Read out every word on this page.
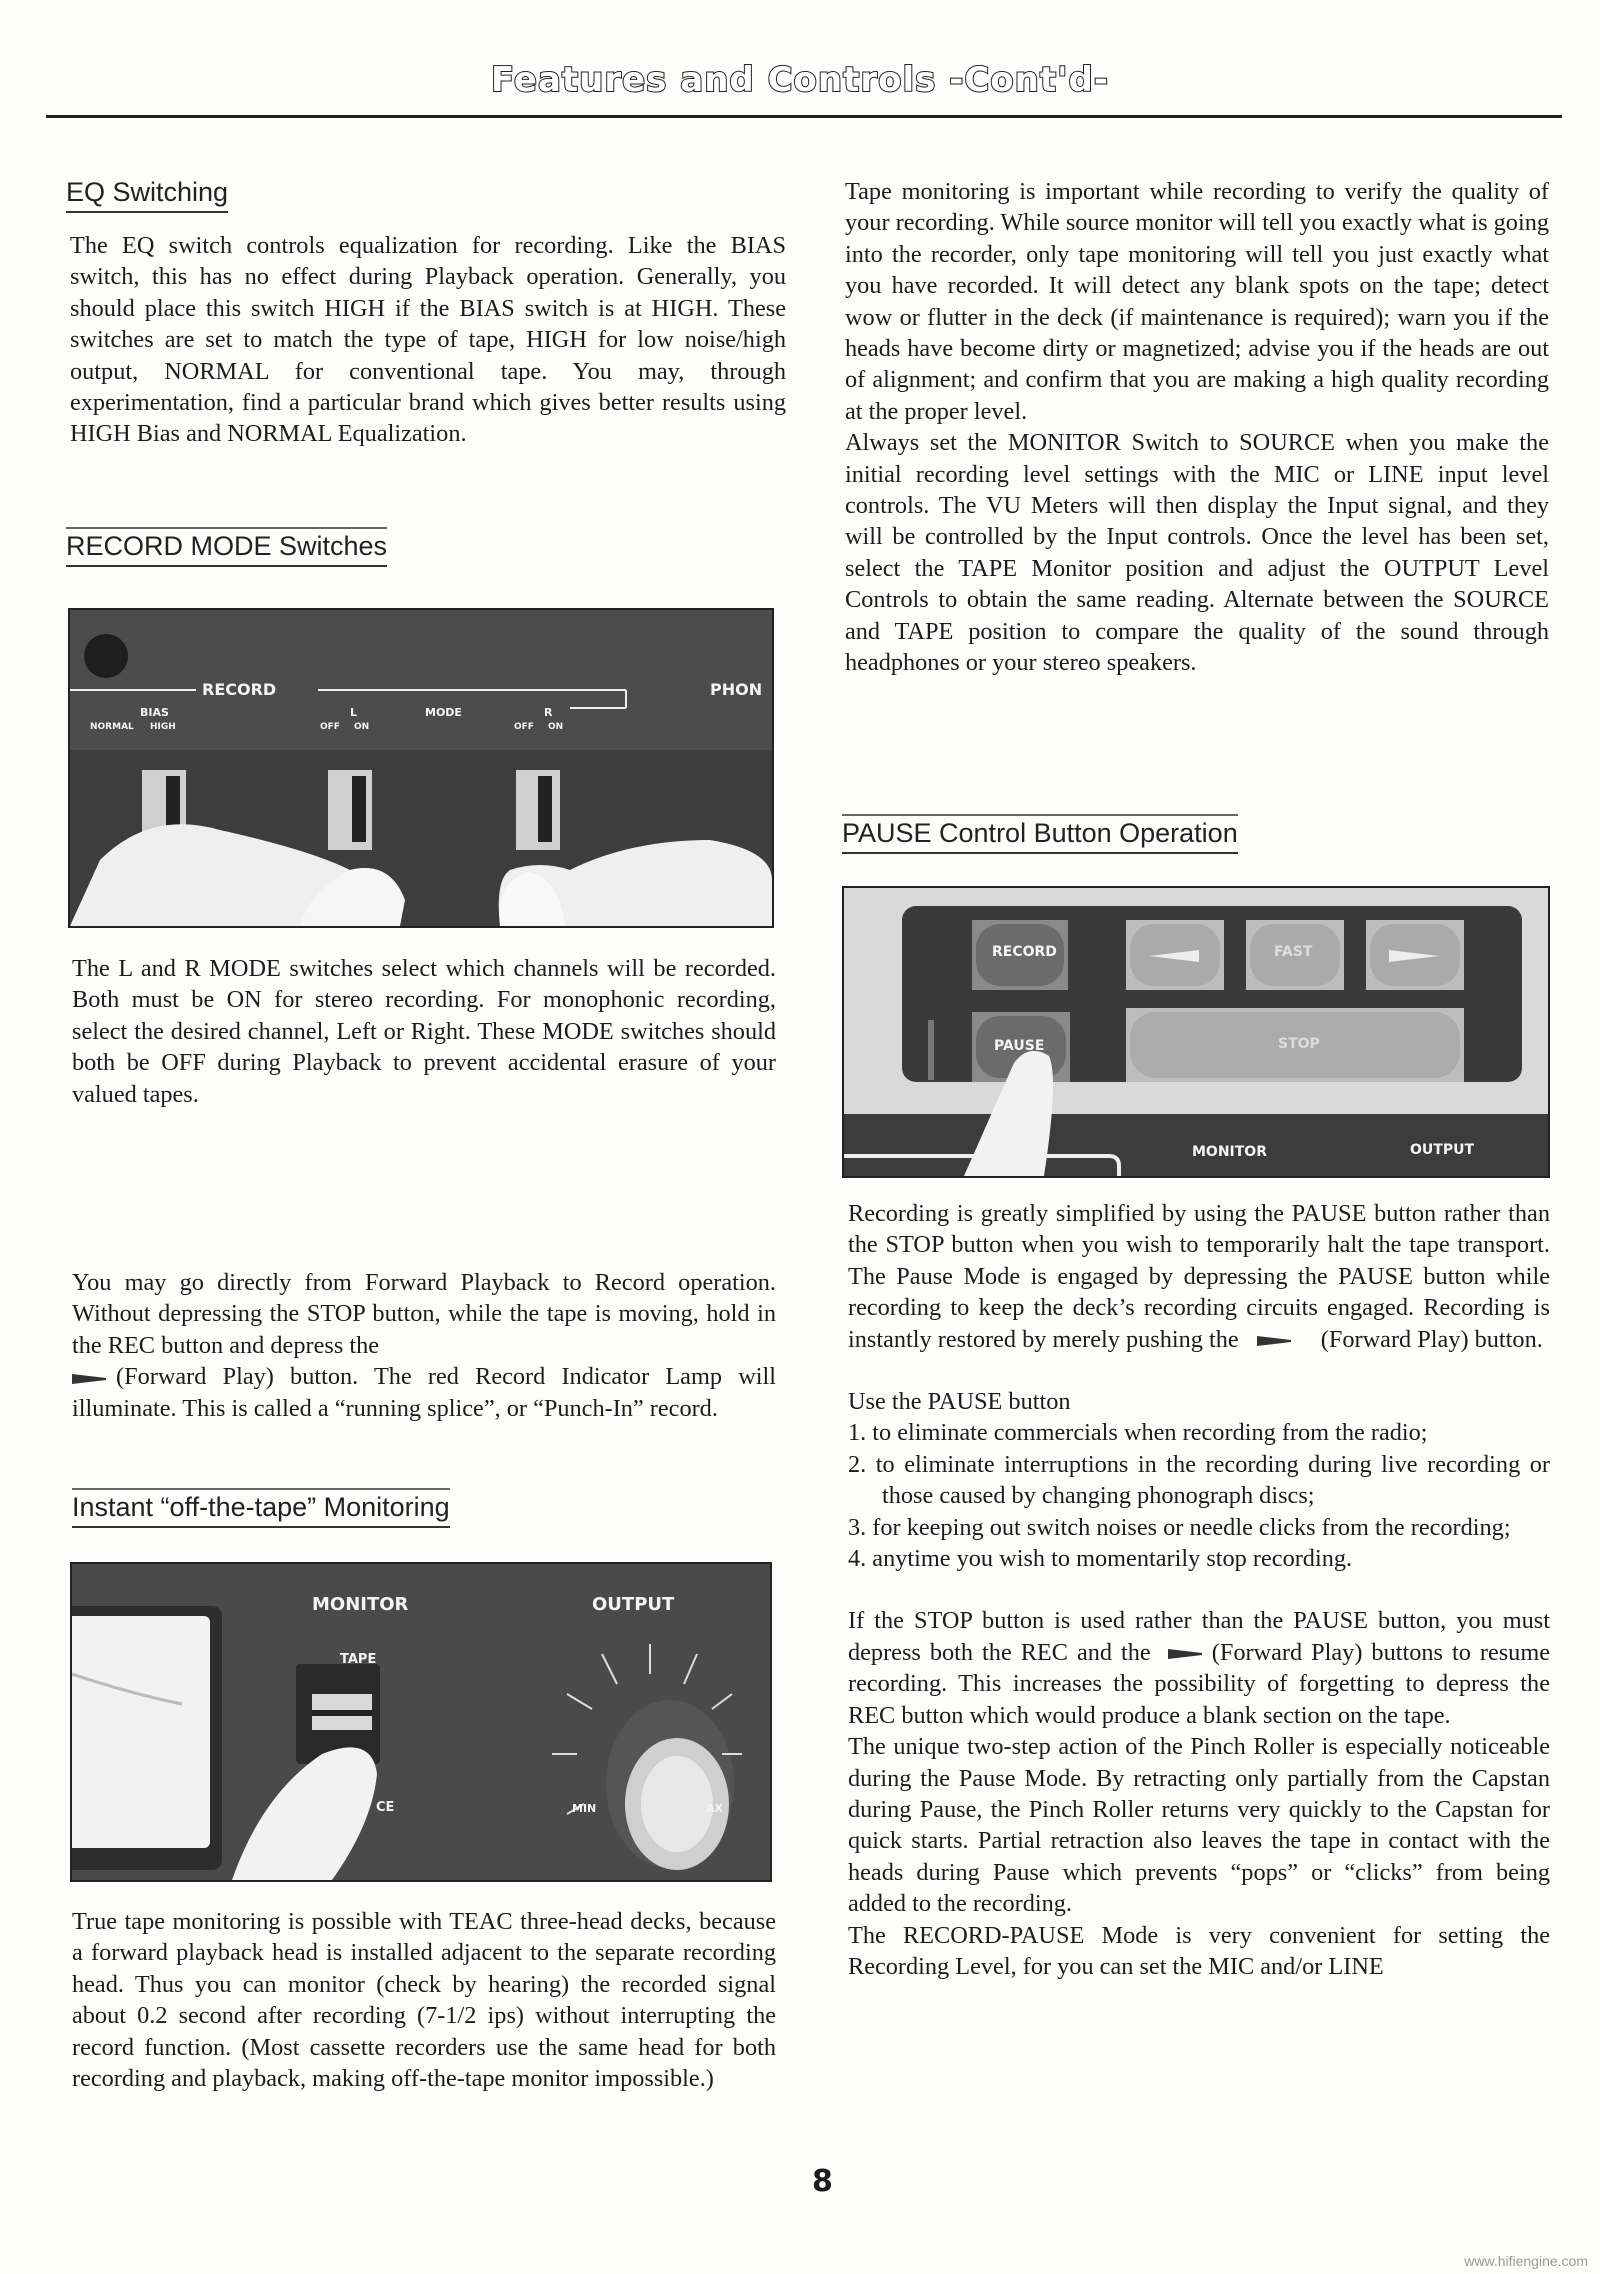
Features and Controls -Cont'd-
EQ Switching

The EQ switch controls equalization for recording. Like the BIAS switch, this has no effect during Playback operation. Generally, you should place this switch HIGH if the BIAS switch is at HIGH. These switches are set to match the type of tape, HIGH for low noise/high output, NORMAL for conventional tape. You may, through experimentation, find a particular brand which gives better results using HIGH Bias and NORMAL Equalization.

RECORD MODE Switches
RECORD
BIAS
NORMAL HIGH
L
OFF ON
MODE	R
OFF ON
PHON

The L and R MODE switches select which channels will be recorded. Both must be ON for stereo recording. For monophonic recording, select the desired channel, Left or Right. These MODE switches should both be OFF during Playback to prevent accidental erasure of your valued tapes.

You may go directly from Forward Playback to Record operation. Without depressing the STOP button, while the tape is moving, hold in the REC button and depress the
(Forward Play) button. The red Record Indicator Lamp will illuminate. This is called a “running splice”, or “Punch-In” record.

Instant “off-the-tape” Monitoring
MONITOR	OUTPUT
TAPE
CE	MIN	AX

True tape monitoring is possible with TEAC three-head decks, because a forward playback head is installed adjacent to the separate recording head. Thus you can monitor (check by hearing) the recorded signal about 0.2 second after recording (7-1/2 ips) without interrupting the record function. (Most cassette recorders use the same head for both recording and playback, making off-the-tape monitor impossible.)

Tape monitoring is important while recording to verify the quality of your recording. While source monitor will tell you exactly what is going into the recorder, only tape monitoring will tell you just exactly what you have recorded. It will detect any blank spots on the tape; detect wow or flutter in the deck (if maintenance is required); warn you if the heads have become dirty or magnetized; advise you if the heads are out of alignment; and confirm that you are making a high quality recording at the proper level.

Always set the MONITOR Switch to SOURCE when you make the initial recording level settings with the MIC or LINE input level controls. The VU Meters will then display the Input signal, and they will be controlled by the Input controls. Once the level has been set, select the TAPE Monitor position and adjust the OUTPUT Level Controls to obtain the same reading. Alternate between the SOURCE and TAPE position to compare the quality of the sound through headphones or your stereo speakers.

PAUSE Control Button Operation
RECORD	FAST
PAUSE	STOP
MONITOR	OUTPUT

Recording is greatly simplified by using the PAUSE button rather than the STOP button when you wish to temporarily halt the tape transport. The Pause Mode is engaged by depressing the PAUSE button while recording to keep the deck’s recording circuits engaged. Recording is instantly restored by merely pushing the	(Forward Play) button.

Use the PAUSE button

1. to eliminate commercials when recording from the radio;
2. to eliminate interruptions in the recording during live recording or those caused by changing phonograph discs;
3. for keeping out switch noises or needle clicks from the recording;
4. anytime you wish to momentarily stop recording.

If the STOP button is used rather than the PAUSE button, you must depress both the REC and the	(Forward Play) buttons to resume recording. This increases the possibility of forgetting to depress the REC button which would produce a blank section on the tape.

The unique two-step action of the Pinch Roller is especially noticeable during the Pause Mode. By retracting only partially from the Capstan during Pause, the Pinch Roller returns very quickly to the Capstan for quick starts. Partial retraction also leaves the tape in contact with the heads during Pause which prevents “pops” or “clicks” from being added to the recording.

The RECORD-PAUSE Mode is very convenient for setting the Recording Level, for you can set the MIC and/or LINE

8
www.hifiengine.com
